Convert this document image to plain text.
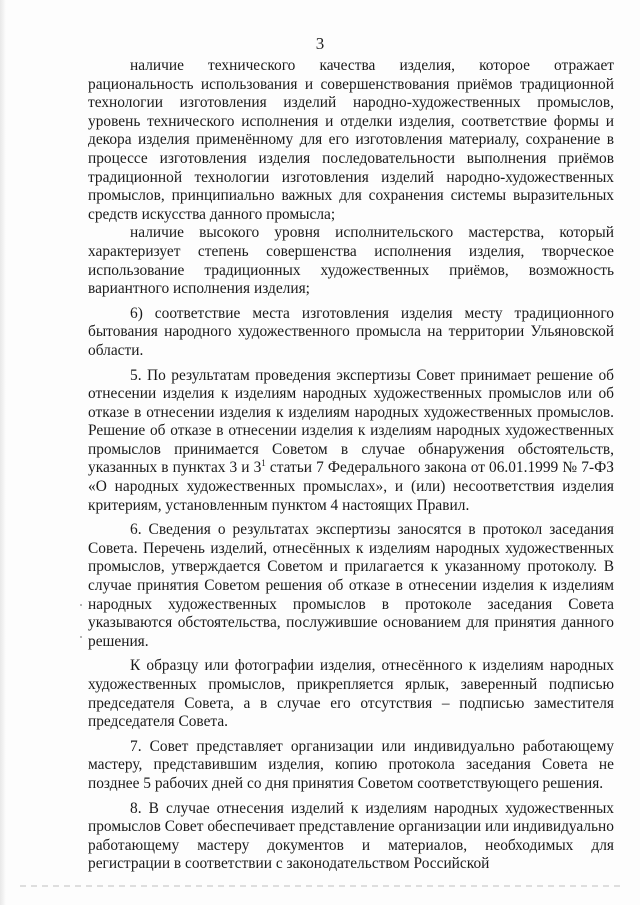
3

наличие технического качества изделия, которое отражает рациональность использования и совершенствования приёмов традиционной технологии изготовления изделий народно-художественных промыслов, уровень технического исполнения и отделки изделия, соответствие формы и декора изделия применённому для его изготовления материалу, сохранение в процессе изготовления изделия последовательности выполнения приёмов традиционной технологии изготовления изделий народно-художественных промыслов, принципиально важных для сохранения системы выразительных средств искусства данного промысла;

наличие высокого уровня исполнительского мастерства, который характеризует степень совершенства исполнения изделия, творческое использование традиционных художественных приёмов, возможность вариантного исполнения изделия;

6) соответствие места изготовления изделия месту традиционного бытования народного художественного промысла на территории Ульяновской области.

5. По результатам проведения экспертизы Совет принимает решение об отнесении изделия к изделиям народных художественных промыслов или об отказе в отнесении изделия к изделиям народных художественных промыслов. Решение об отказе в отнесении изделия к изделиям народных художественных промыслов принимается Советом в случае обнаружения обстоятельств, указанных в пунктах 3 и $3^1$ статьи 7 Федерального закона от 06.01.1999 № 7-ФЗ «О народных художественных промыслах», и (или) несоответствия изделия критериям, установленным пунктом 4 настоящих Правил.

6. Сведения о результатах экспертизы заносятся в протокол заседания Совета. Перечень изделий, отнесённых к изделиям народных художественных промыслов, утверждается Советом и прилагается к указанному протоколу. В случае принятия Советом решения об отказе в отнесении изделия к изделиям народных художественных промыслов в протоколе заседания Совета указываются обстоятельства, послужившие основанием для принятия данного решения.

К образцу или фотографии изделия, отнесённого к изделиям народных художественных промыслов, прикрепляется ярлык, заверенный подписью председателя Совета, а в случае его отсутствия – подписью заместителя председателя Совета.

7. Совет представляет организации или индивидуально работающему мастеру, представившим изделия, копию протокола заседания Совета не позднее 5 рабочих дней со дня принятия Советом соответствующего решения.

8. В случае отнесения изделий к изделиям народных художественных промыслов Совет обеспечивает представление организации или индивидуально работающему мастеру документов и материалов, необходимых для регистрации в соответствии с законодательством Российской
